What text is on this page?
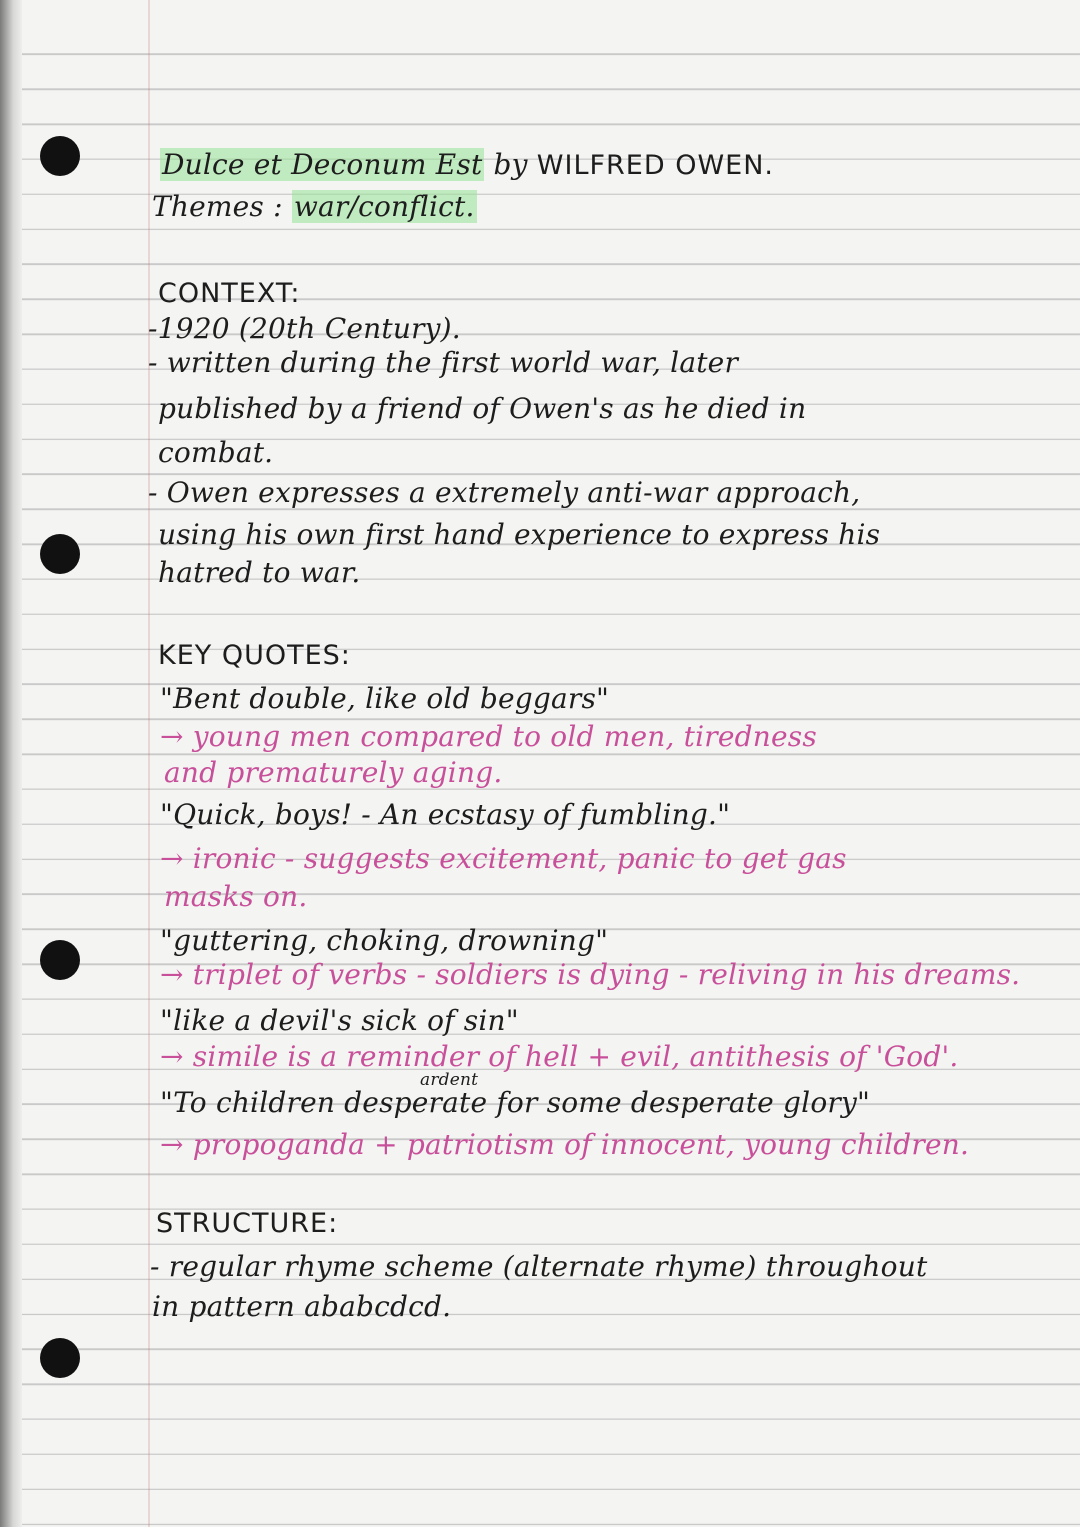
Dulce et Deconum Est by WILFRED OWEN.
Themes : war/conflict.
CONTEXT:
-1920 (20th Century).
- written during the first world war, later
published by a friend of Owen's as he died in
combat.
- Owen expresses a extremely anti-war approach,
using his own first hand experience to express his
hatred to war.
KEY QUOTES:
"Bent double, like old beggars"
→ young men compared to old men, tiredness
and prematurely aging.
"Quick, boys! - An ecstasy of fumbling."
→ ironic - suggests excitement, panic to get gas
masks on.
"guttering, choking, drowning"
→ triplet of verbs - soldiers is dying - reliving in his dreams.
"like a devil's sick of sin"
→ simile is a reminder of hell + evil, antithesis of 'God'.
ardent
"To children desperate for some desperate glory"
→ propoganda + patriotism of innocent, young children.
STRUCTURE:
- regular rhyme scheme (alternate rhyme) throughout
in pattern ababcdcd.
